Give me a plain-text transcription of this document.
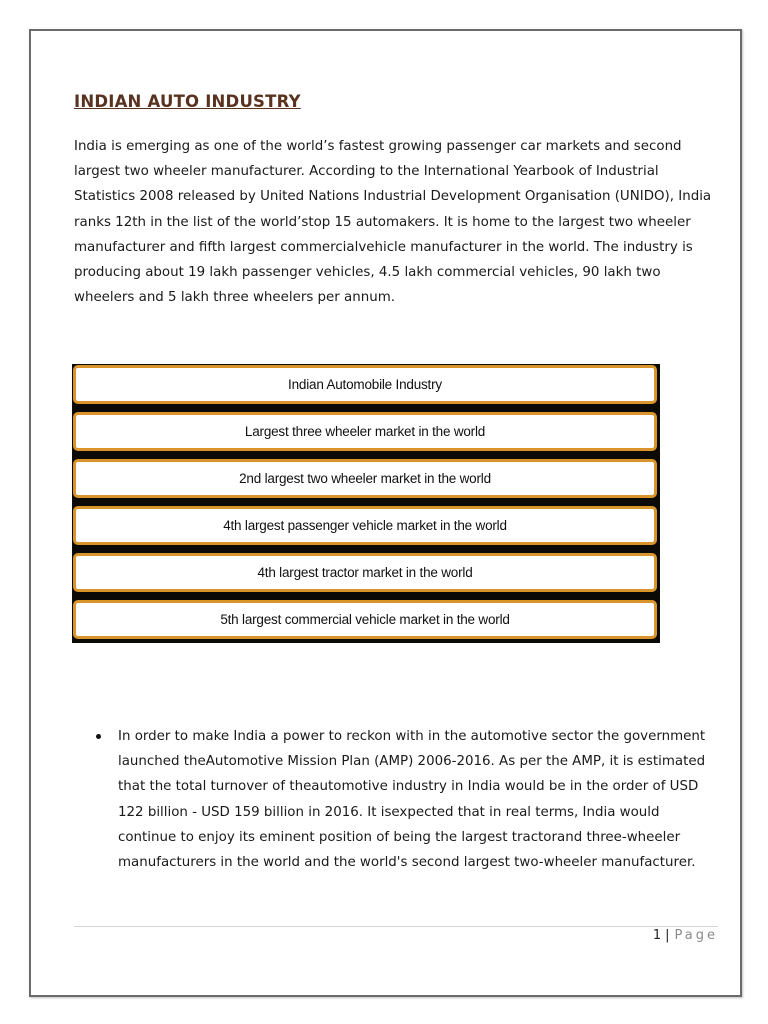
INDIAN AUTO INDUSTRY

India is emerging as one of the world’s fastest growing passenger car markets and second largest two wheeler manufacturer. According to the International Yearbook of Industrial Statistics 2008 released by United Nations Industrial Development Organisation (UNIDO), India ranks 12th in the list of the world’stop 15 automakers. It is home to the largest two wheeler manufacturer and fifth largest commercialvehicle manufacturer in the world. The industry is producing about 19 lakh passenger vehicles, 4.5 lakh commercial vehicles, 90 lakh two wheelers and 5 lakh three wheelers per annum.

Indian Automobile Industry
Largest three wheeler market in the world
2nd largest two wheeler market in the world
4th largest passenger vehicle market in the world
4th largest tractor market in the world
5th largest commercial vehicle market in the world
In order to make India a power to reckon with in the automotive sector the government launched theAutomotive Mission Plan (AMP) 2006-2016. As per the AMP, it is estimated that the total turnover of theautomotive industry in India would be in the order of USD 122 billion - USD 159 billion in 2016. It isexpected that in real terms, India would continue to enjoy its eminent position of being the largest tractorand three-wheeler manufacturers in the world and the world's second largest two-wheeler manufacturer.
1 | Page
